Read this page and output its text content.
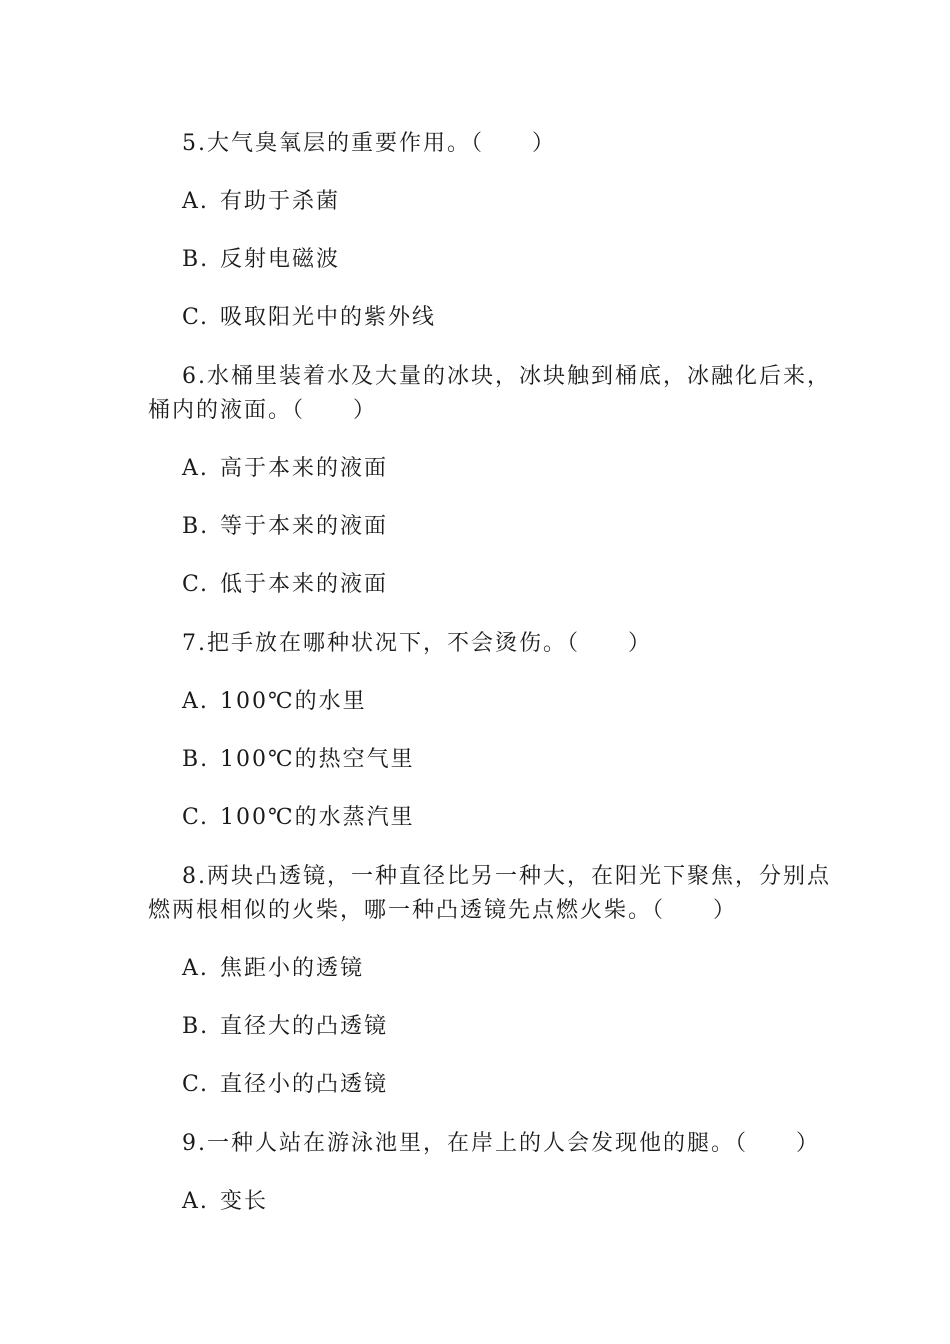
5.大气臭氧层的重要作用。（　　）

A. 有助于杀菌

B. 反射电磁波

C. 吸取阳光中的紫外线

6.水桶里装着水及大量的冰块，冰块触到桶底，冰融化后来，桶内的液面。（　　）

A. 高于本来的液面

B. 等于本来的液面

C. 低于本来的液面

7.把手放在哪种状况下，不会烫伤。（　　）

A. 100℃的水里

B. 100℃的热空气里

C. 100℃的水蒸汽里

8.两块凸透镜，一种直径比另一种大，在阳光下聚焦，分别点燃两根相似的火柴，哪一种凸透镜先点燃火柴。（　　）

A. 焦距小的透镜

B. 直径大的凸透镜

C. 直径小的凸透镜

9.一种人站在游泳池里，在岸上的人会发现他的腿。（　　）

A. 变长
